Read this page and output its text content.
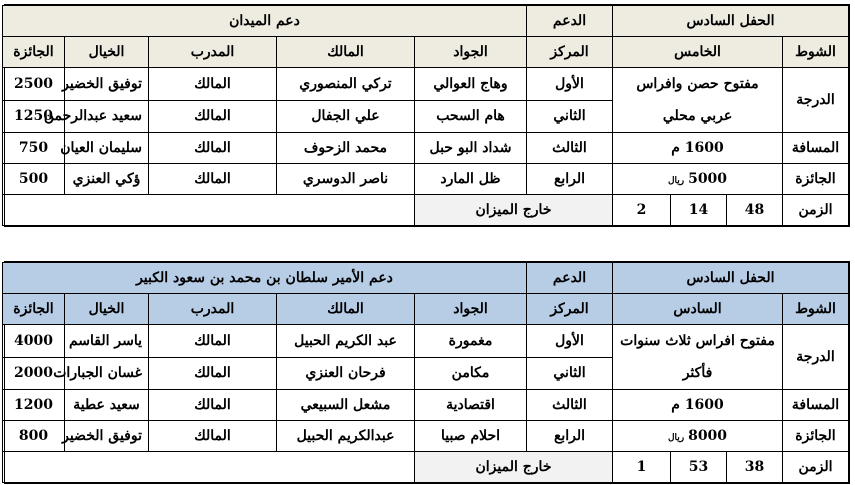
الحفل السادس				الدعم	دعم الميدان				
الشوط	الخامس			المركز	الجواد	المالك	المدرب	الخيال	الجائزة
الدرجة	مفتوح حصن وافراس عربي محلي			الأول	وهاج العوالي	تركي المنصوري	المالك	توفيق الخضير	2500
				الثاني	هام السحب	علي الجفال	المالك	سعيد عبدالرحمن	1250
المسافة	1600 م			الثالث	شداد البو حبل	محمد الزحوف	المالك	سليمان العيان	750
الجائزة	5000ريال			الرابع	ظل المارد	ناصر الدوسري	المالك	ؤكي العنزي	500
الزمن	48	14	2	خارج الميزان					
الحفل السادس				الدعم	دعم الأمير سلطان بن محمد بن سعود الكبير				
الشوط	السادس			المركز	الجواد	المالك	المدرب	الخيال	الجائزة
الدرجة	مفتوح افراس ثلاث سنوات فأكثر			الأول	مغمورة	عبد الكريم الحبيل	المالك	ياسر القاسم	4000
				الثاني	مكامن	فرحان العنزي	المالك	غسان الجبارات	2000
المسافة	1600 م			الثالث	اقتصادية	مشعل السبيعي	المالك	سعيد عطية	1200
الجائزة	8000ريال			الرابع	احلام صبيا	عبدالكريم الحبيل	المالك	توفيق الخضير	800
الزمن	38	53	1	خارج الميزان					
